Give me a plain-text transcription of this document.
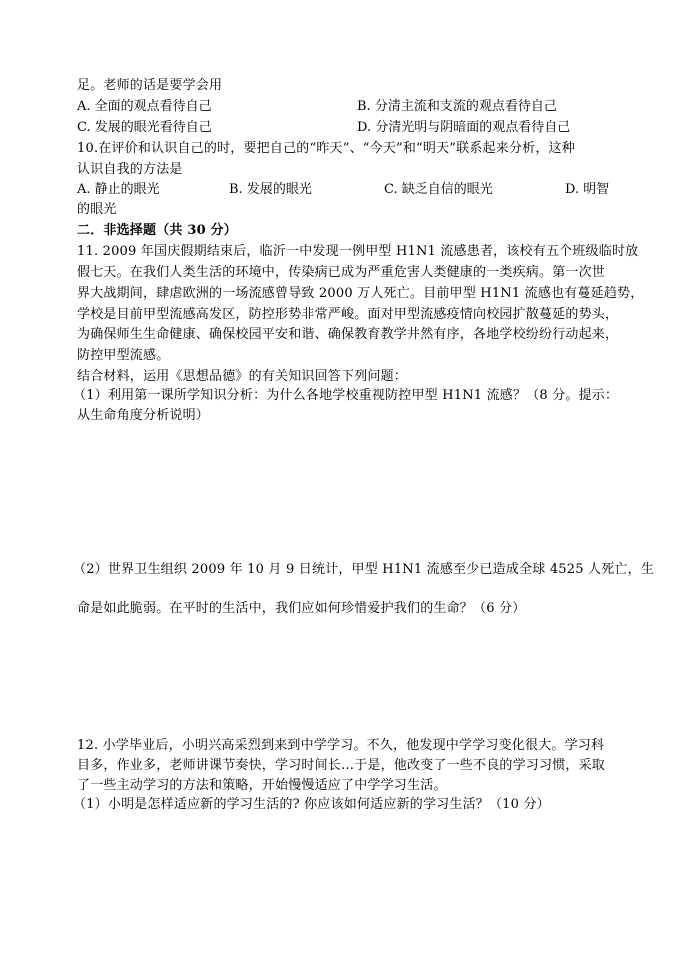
足。老师的话是要学会用
A. 全面的观点看待自己	B. 分清主流和支流的观点看待自己
C. 发展的眼光看待自己	D. 分清光明与阴暗面的观点看待自己
10.在评价和认识自己的时，要把自己的“昨天”、“今天”和“明天”联系起来分析，这种
认识自我的方法是
A. 静止的眼光	B. 发展的眼光	C. 缺乏自信的眼光	D. 明智
的眼光
二．非选择题（共 30 分）
11. 2009 年国庆假期结束后，临沂一中发现一例甲型 H1N1 流感患者，该校有五个班级临时放
假七天。在我们人类生活的环境中，传染病已成为严重危害人类健康的一类疾病。第一次世
界大战期间，肆虐欧洲的一场流感曾导致 2000 万人死亡。目前甲型 H1N1 流感也有蔓延趋势，
学校是目前甲型流感高发区，防控形势非常严峻。面对甲型流感疫情向校园扩散蔓延的势头，
为确保师生生命健康、确保校园平安和谐、确保教育教学井然有序，各地学校纷纷行动起来，
防控甲型流感。
结合材料，运用《思想品德》的有关知识回答下列问题：
（1）利用第一课所学知识分析：为什么各地学校重视防控甲型 H1N1 流感？（8 分。提示：
从生命角度分析说明）
（2）世界卫生组织 2009 年 10 月 9 日统计，甲型 H1N1 流感至少已造成全球 4525 人死亡，生
命是如此脆弱。在平时的生活中，我们应如何珍惜爱护我们的生命？（6 分）
12. 小学毕业后，小明兴高采烈到来到中学学习。不久，他发现中学学习变化很大。学习科
目多，作业多，老师讲课节奏快，学习时间长…于是，他改变了一些不良的学习习惯，采取
了一些主动学习的方法和策略，开始慢慢适应了中学学习生活。
（1）小明是怎样适应新的学习生活的? 你应该如何适应新的学习生活？（10 分）
